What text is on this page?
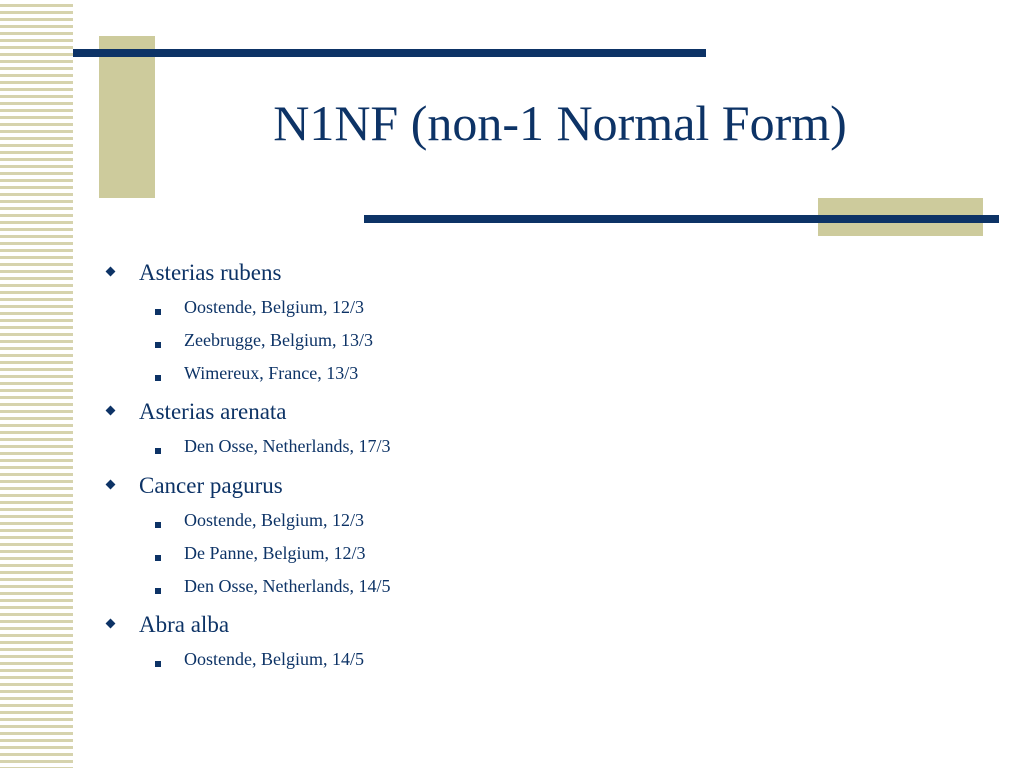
N1NF (non-1 Normal Form)
Asterias rubens
Oostende, Belgium, 12/3
Zeebrugge, Belgium, 13/3
Wimereux, France, 13/3
Asterias arenata
Den Osse, Netherlands, 17/3
Cancer pagurus
Oostende, Belgium, 12/3
De Panne, Belgium, 12/3
Den Osse, Netherlands, 14/5
Abra alba
Oostende, Belgium, 14/5
